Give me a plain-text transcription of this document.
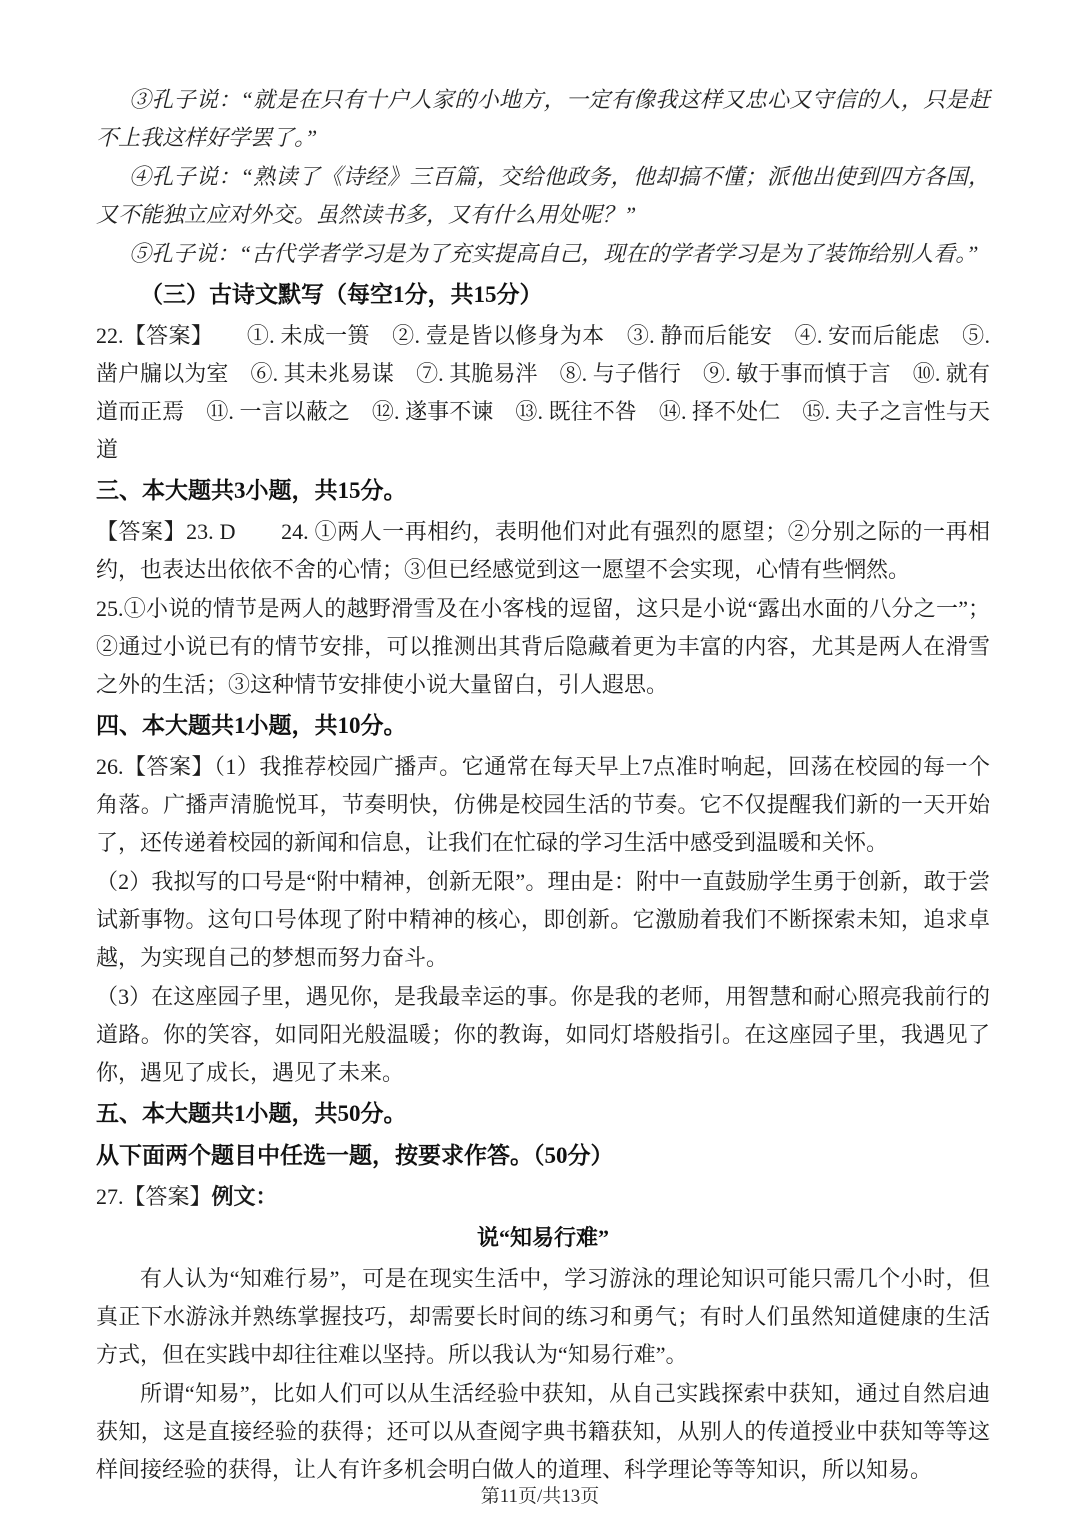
③孔子说：“就是在只有十户人家的小地方，一定有像我这样又忠心又守信的人，只是赶不上我这样好学罢了。”

④孔子说：“熟读了《诗经》三百篇，交给他政务，他却搞不懂；派他出使到四方各国，又不能独立应对外交。虽然读书多，又有什么用处呢？”

⑤孔子说：“古代学者学习是为了充实提高自己，现在的学者学习是为了装饰给别人看。”

（三）古诗文默写（每空1分，共15分）

22.【答案】　　①. 未成一篑　②. 壹是皆以修身为本　③. 静而后能安　④. 安而后能虑　⑤. 凿户牖以为室　⑥. 其未兆易谋　⑦. 其脆易泮　⑧. 与子偕行　⑨. 敏于事而慎于言　⑩. 就有道而正焉　⑪. 一言以蔽之　⑫. 遂事不谏　⑬. 既往不咎　⑭. 择不处仁　⑮. 夫子之言性与天道

三、本大题共3小题，共15分。

【答案】23. D　　24. ①两人一再相约，表明他们对此有强烈的愿望；②分别之际的一再相约，也表达出依依不舍的心情；③但已经感觉到这一愿望不会实现，心情有些惘然。

25.①小说的情节是两人的越野滑雪及在小客栈的逗留，这只是小说“露出水面的八分之一”；②通过小说已有的情节安排，可以推测出其背后隐藏着更为丰富的内容，尤其是两人在滑雪之外的生活；③这种情节安排使小说大量留白，引人遐思。

四、本大题共1小题，共10分。

26.【答案】（1）我推荐校园广播声。它通常在每天早上7点准时响起，回荡在校园的每一个角落。广播声清脆悦耳，节奏明快，仿佛是校园生活的节奏。它不仅提醒我们新的一天开始了，还传递着校园的新闻和信息，让我们在忙碌的学习生活中感受到温暖和关怀。

（2）我拟写的口号是“附中精神，创新无限”。理由是：附中一直鼓励学生勇于创新，敢于尝试新事物。这句口号体现了附中精神的核心，即创新。它激励着我们不断探索未知，追求卓越，为实现自己的梦想而努力奋斗。

（3）在这座园子里，遇见你，是我最幸运的事。你是我的老师，用智慧和耐心照亮我前行的道路。你的笑容，如同阳光般温暖；你的教诲，如同灯塔般指引。在这座园子里，我遇见了你，遇见了成长，遇见了未来。

五、本大题共1小题，共50分。
从下面两个题目中任选一题，按要求作答。（50分）

27.【答案】例文：

说“知易行难”

有人认为“知难行易”，可是在现实生活中，学习游泳的理论知识可能只需几个小时，但真正下水游泳并熟练掌握技巧，却需要长时间的练习和勇气；有时人们虽然知道健康的生活方式，但在实践中却往往难以坚持。所以我认为“知易行难”。

所谓“知易”，比如人们可以从生活经验中获知，从自己实践探索中获知，通过自然启迪获知，这是直接经验的获得；还可以从查阅字典书籍获知，从别人的传道授业中获知等等这样间接经验的获得，让人有许多机会明白做人的道理、科学理论等等知识，所以知易。

第11页/共13页
